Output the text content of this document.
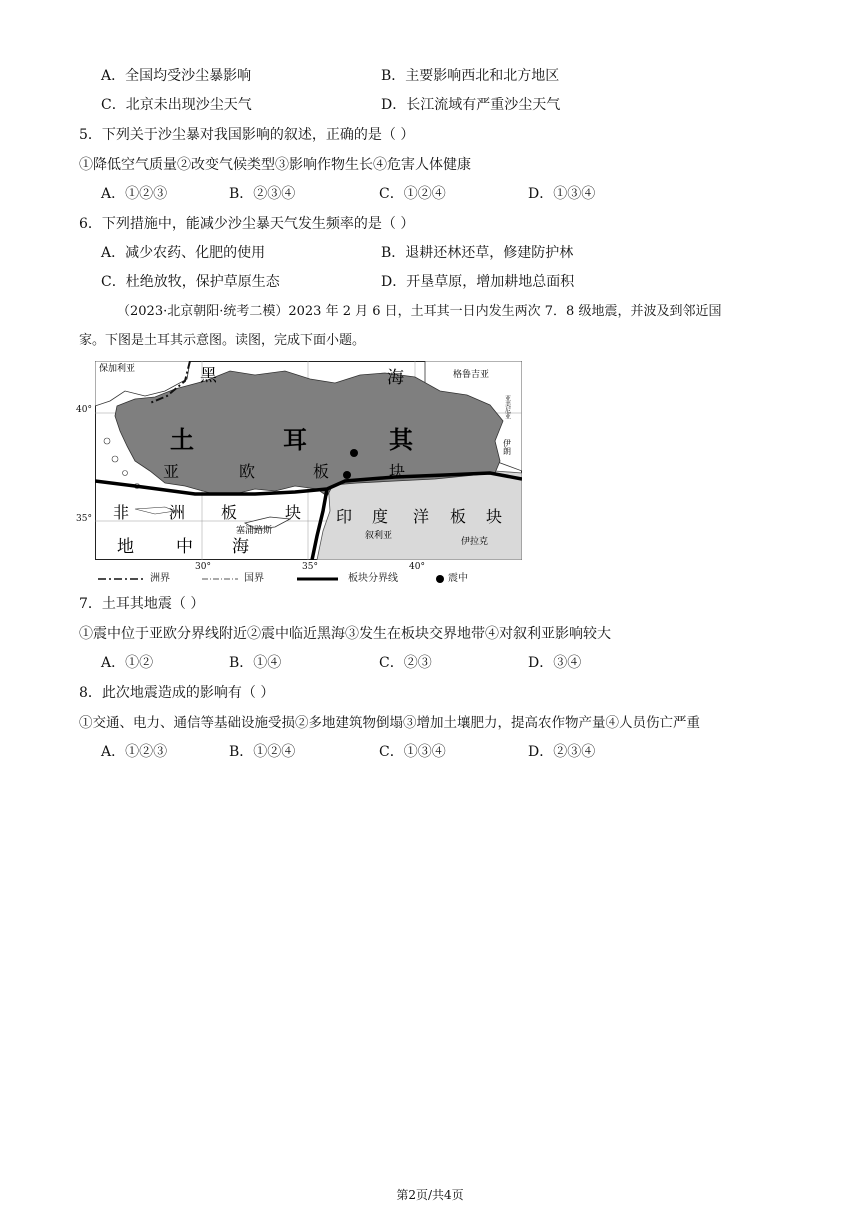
A．全国均受沙尘暴影响	B．主要影响西北和北方地区
C．北京未出现沙尘天气	D．长江流域有严重沙尘天气
5．下列关于沙尘暴对我国影响的叙述，正确的是（ ）
①降低空气质量②改变气候类型③影响作物生长④危害人体健康
A．①②③	B．②③④	C．①②④	D．①③④
6．下列措施中，能减少沙尘暴天气发生频率的是（ ）
A．减少农药、化肥的使用	B．退耕还林还草，修建防护林
C．杜绝放牧，保护草原生态	D．开垦草原，增加耕地总面积
（2023·北京朝阳·统考二模）2023 年 2 月 6 日，土耳其一日内发生两次 7．8 级地震，并波及到邻近国
家。下图是土耳其示意图。读图，完成下面小题。
保加利亚	黑	海	格鲁吉亚
亚美尼亚
伊朗
土	耳	其
亚	欧	板	块
非 洲 板	块
塞浦路斯
印 度 洋 板 块
叙利亚
伊拉克
地 中 海
40°
35°
30°	35°	40°
洲界	国界	板块分界线	震中
7．土耳其地震（ ）
①震中位于亚欧分界线附近②震中临近黑海③发生在板块交界地带④对叙利亚影响较大
A．①②	B．①④	C．②③	D．③④
8．此次地震造成的影响有（ ）
①交通、电力、通信等基础设施受损②多地建筑物倒塌③增加土壤肥力，提高农作物产量④人员伤亡严重
A．①②③	B．①②④	C．①③④	D．②③④
第2页/共4页
